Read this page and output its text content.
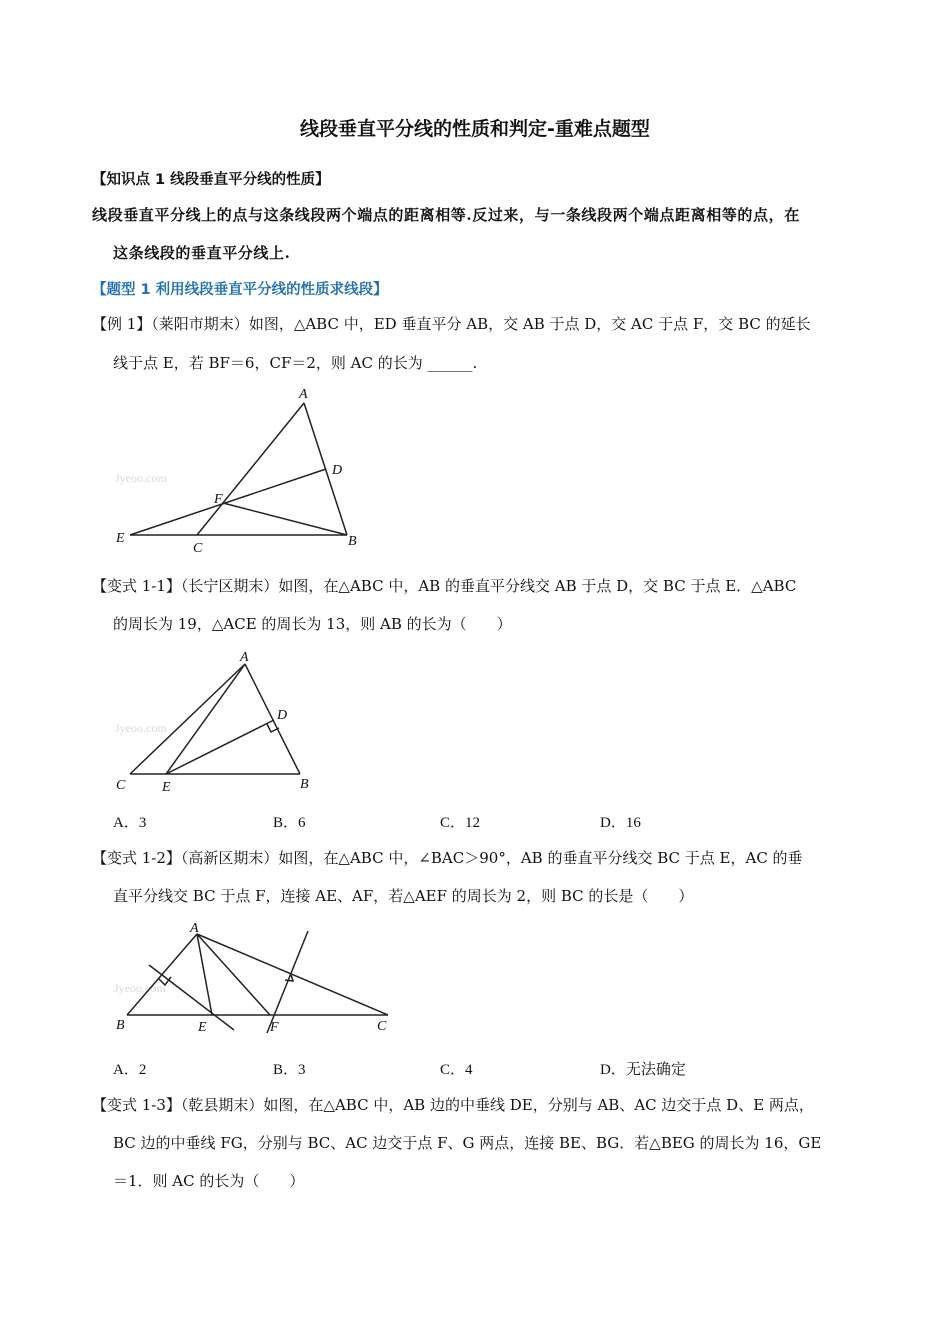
线段垂直平分线的性质和判定-重难点题型
【知识点 1 线段垂直平分线的性质】
线段垂直平分线上的点与这条线段两个端点的距离相等.反过来，与一条线段两个端点距离相等的点，在
这条线段的垂直平分线上.
【题型 1 利用线段垂直平分线的性质求线段】
【例 1】（莱阳市期末）如图，△ABC 中，ED 垂直平分 AB，交 AB 于点 D，交 AC 于点 F，交 BC 的延长
线于点 E，若 BF＝6，CF＝2，则 AC 的长为 ______.
Jyeoo.com
A
B
C
D
E
F
【变式 1-1】（长宁区期末）如图，在△ABC 中，AB 的垂直平分线交 AB 于点 D，交 BC 于点 E．△ABC
的周长为 19，△ACE 的周长为 13，则 AB 的长为（　　）
Jyeoo.com
A
B
C
D
E
A．3	B．6	C．12	D．16
【变式 1-2】（高新区期末）如图，在△ABC 中，∠BAC＞90°，AB 的垂直平分线交 BC 于点 E，AC 的垂
直平分线交 BC 于点 F，连接 AE、AF，若△AEF 的周长为 2，则 BC 的长是（　　）
Jyeoo.com
A
B	C
E	F
A．2	B．3	C．4	D．无法确定
【变式 1-3】（乾县期末）如图，在△ABC 中，AB 边的中垂线 DE，分别与 AB、AC 边交于点 D、E 两点，
BC 边的中垂线 FG，分别与 BC、AC 边交于点 F、G 两点，连接 BE、BG．若△BEG 的周长为 16，GE
＝1．则 AC 的长为（　　）
